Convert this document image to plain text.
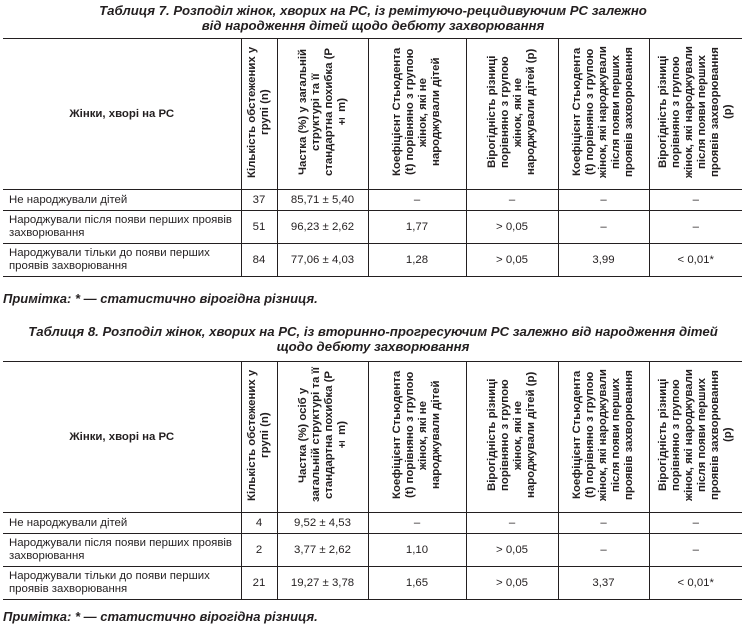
Таблиця 7. Розподіл жінок, хворих на РС, із ремітуючо-рецидивуючим РС залежно
від народження дітей щодо дебюту захворювання
Жінки, хворі на РС	Кількість обстежених у групі (n)	Частка (%) у загальній структурі та її стандартна похибка (P ± m)	Коефіцієнт Стьюдента (t) порівняно з групою жінок, які не народжували дітей	Вірогідність різниці порівняно з групою жінок, які не народжували дітей (p)	Коефіцієнт Стьюдента (t) порівняно з групою жінок, які народжували після появи перших проявів захворювання	Вірогідність різниці порівняно з групою жінок, які народжували після появи перших проявів захворювання (p)
Не народжували дітей	37	85,71 ± 5,40	–	–	–	–
Народжували після появи перших проявів захворювання	51	96,23 ± 2,62	1,77	> 0,05	–	–
Народжували тільки до появи перших проявів захворювання	84	77,06 ± 4,03	1,28	> 0,05	3,99	< 0,01*
Примітка: * — статистично вірогідна різниця.
Таблиця 8. Розподіл жінок, хворих на РС, із вторинно-прогресуючим РС залежно від народження дітей
щодо дебюту захворювання
Жінки, хворі на РС	Кількість обстежених у групі (n)	Частка (%) осіб у загальній структурі та її стандартна похибка (P ± m)	Коефіцієнт Стьюдента (t) порівняно з групою жінок, які не народжували дітей	Вірогідність різниці порівняно з групою жінок, які не народжували дітей (p)	Коефіцієнт Стьюдента (t) порівняно з групою жінок, які народжували після появи перших проявів захворювання	Вірогідність різниці порівняно з групою жінок, які народжували після появи перших проявів захворювання (р)
Не народжували дітей	4	9,52 ± 4,53	–	–	–	–
Народжували після появи перших проявів захворювання	2	3,77 ± 2,62	1,10	> 0,05	–	–
Народжували тільки до появи перших проявів захворювання	21	19,27 ± 3,78	1,65	> 0,05	3,37	< 0,01*
Примітка: * — статистично вірогідна різниця.
